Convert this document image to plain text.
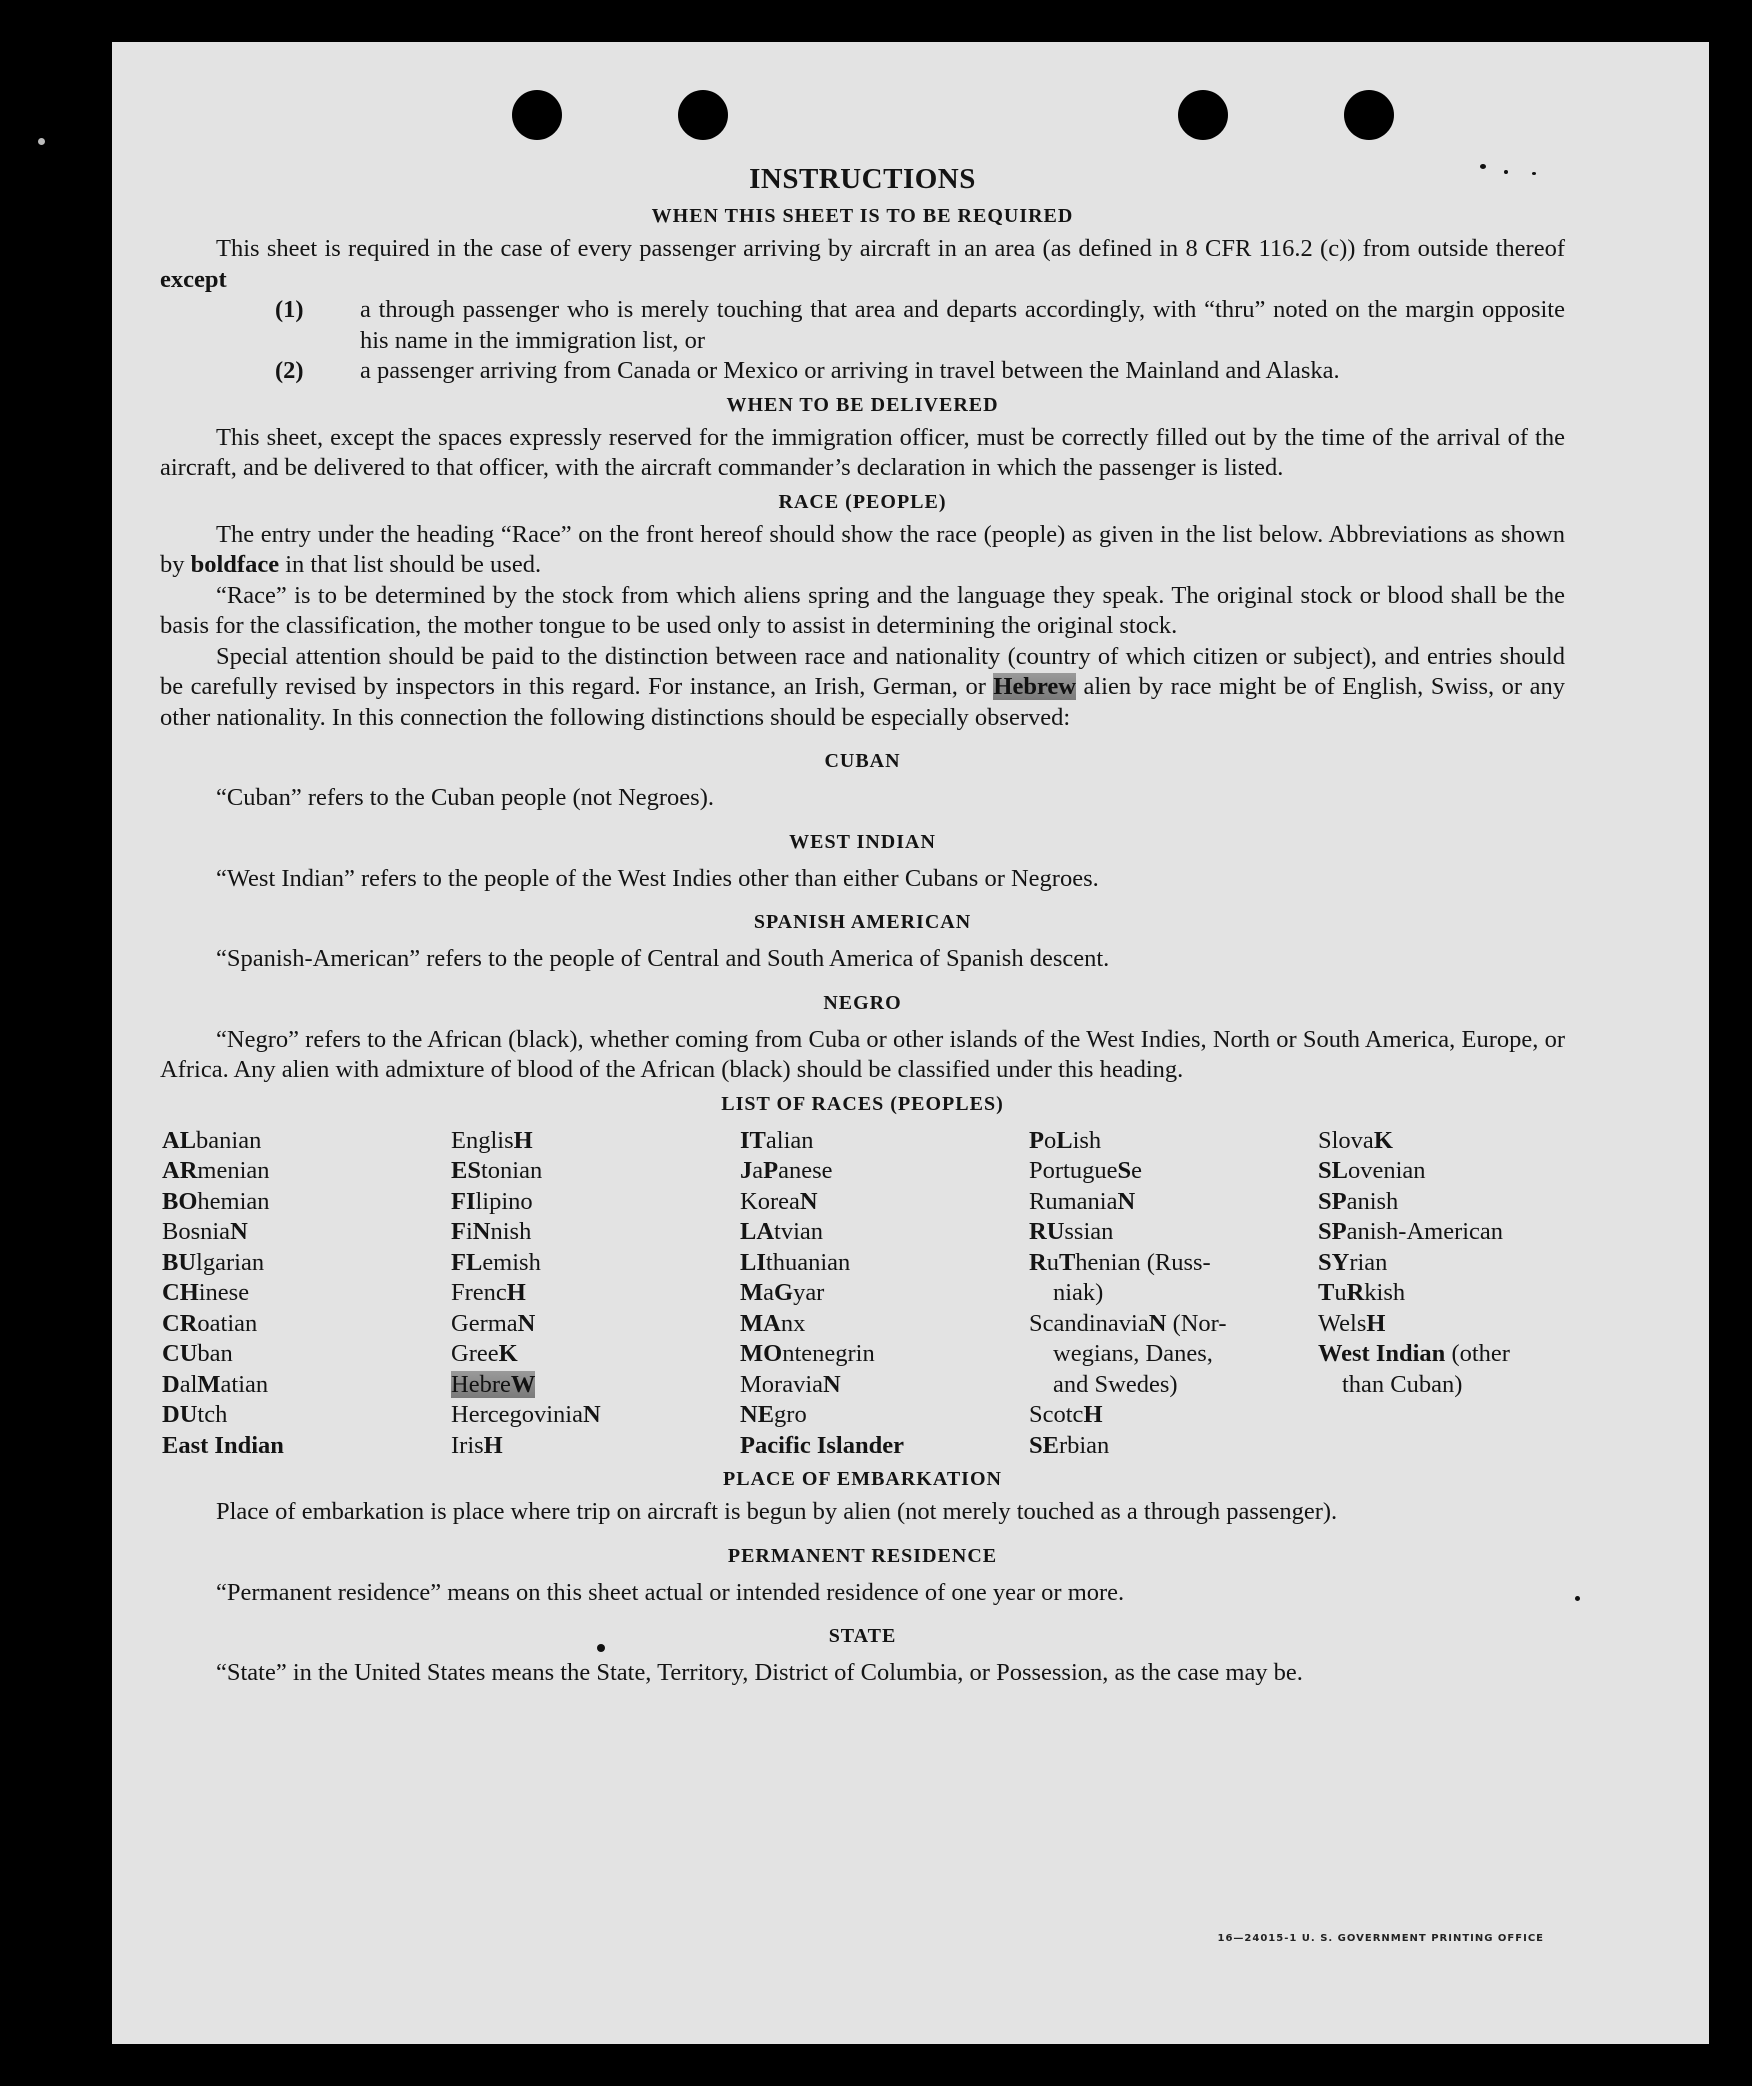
INSTRUCTIONS
WHEN THIS SHEET IS TO BE REQUIRED

This sheet is required in the case of every passenger arriving by aircraft in an area (as defined in 8 CFR 116.2 (c)) from outside thereof except

(1) a through passenger who is merely touching that area and departs accordingly, with “thru” noted on the margin opposite his name in the immigration list, or
(2) a passenger arriving from Canada or Mexico or arriving in travel between the Mainland and Alaska.
WHEN TO BE DELIVERED

This sheet, except the spaces expressly reserved for the immigration officer, must be correctly filled out by the time of the arrival of the aircraft, and be delivered to that officer, with the aircraft commander’s declaration in which the passenger is listed.

RACE (PEOPLE)

The entry under the heading “Race” on the front hereof should show the race (people) as given in the list below. Abbreviations as shown by boldface in that list should be used.

“Race” is to be determined by the stock from which aliens spring and the language they speak. The original stock or blood shall be the basis for the classification, the mother tongue to be used only to assist in determining the original stock.

Special attention should be paid to the distinction between race and nationality (country of which citizen or subject), and entries should be carefully revised by inspectors in this regard. For instance, an Irish, German, or Hebrew alien by race might be of English, Swiss, or any other nationality. In this connection the following distinctions should be especially observed:

CUBAN

“Cuban” refers to the Cuban people (not Negroes).

WEST INDIAN

“West Indian” refers to the people of the West Indies other than either Cubans or Negroes.

SPANISH AMERICAN

“Spanish-American” refers to the people of Central and South America of Spanish descent.

NEGRO

“Negro” refers to the African (black), whether coming from Cuba or other islands of the West Indies, North or South America, Europe, or Africa. Any alien with admixture of blood of the African (black) should be classified under this heading.

LIST OF RACES (PEOPLES)
ALbanian
ARmenian
BOhemian
BosniaN
BUlgarian
CHinese
CRoatian
CUban
DalMatian
DUtch
East Indian
EnglisH
EStonian
FIlipino
FiNnish
FLemish
FrencH
GermaN
GreeK
HebreW
HercegoviniaN
IrisH
ITalian
JaPanese
KoreaN
LAtvian
LIthuanian
MaGyar
MAnx
MOntenegrin
MoraviaN
NEgro
Pacific Islander
PoLish
PortugueSe
RumaniaN
RUssian
RuThenian (Russ-
niak)
ScandinaviaN (Nor-
wegians, Danes,
and Swedes)
ScotcH
SErbian
SlovaK
SLovenian
SPanish
SPanish-American
SYrian
TuRkish
WelsH
West Indian (other
than Cuban)
PLACE OF EMBARKATION

Place of embarkation is place where trip on aircraft is begun by alien (not merely touched as a through passenger).

PERMANENT RESIDENCE

“Permanent residence” means on this sheet actual or intended residence of one year or more.

STATE

“State” in the United States means the State, Territory, District of Columbia, or Possession, as the case may be.

16—24015-1 U. S. GOVERNMENT PRINTING OFFICE
